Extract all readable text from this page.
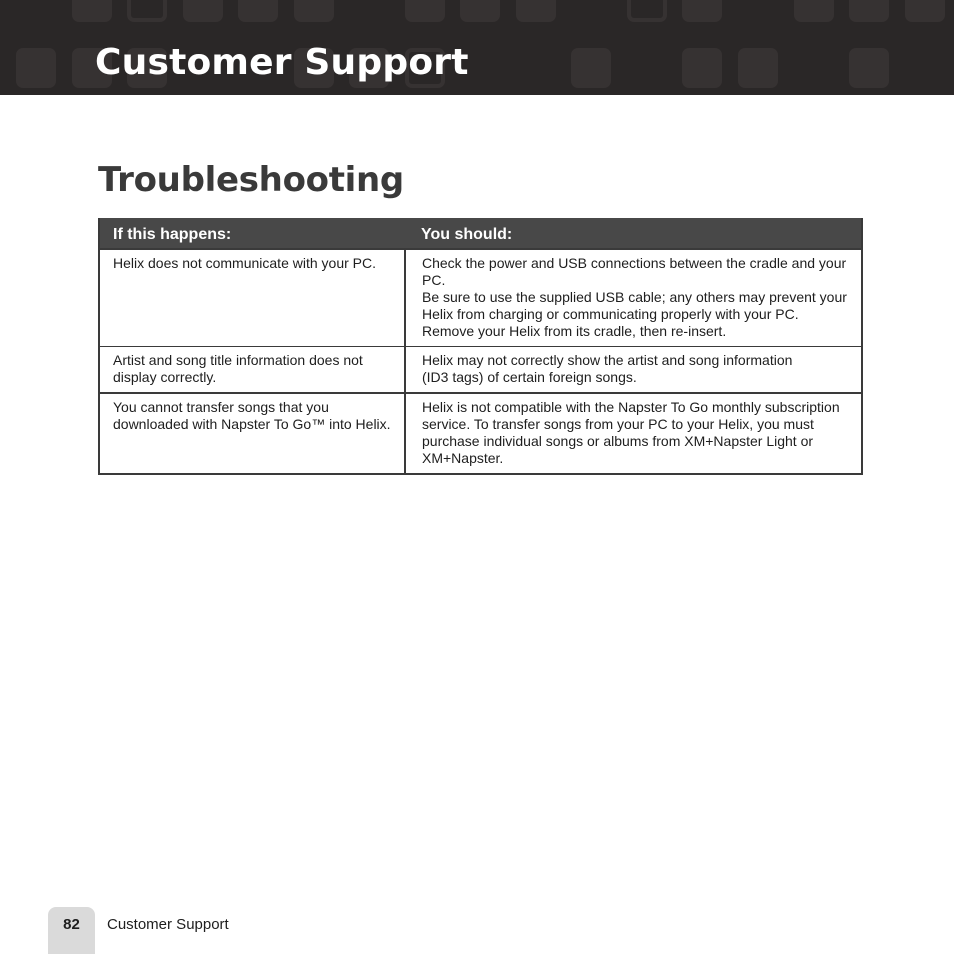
Customer Support
Troubleshooting
If this happens:	You should:

Helix does not communicate with your PC.	Check the power and USB connections between the cradle and your PC.
Be sure to use the supplied USB cable; any others may prevent your
Helix from charging or communicating properly with your PC.
Remove your Helix from its cradle, then re-insert.

Artist and song title information does not
display correctly.	Helix may not correctly show the artist and song information
(ID3 tags) of certain foreign songs.

You cannot transfer songs that you
downloaded with Napster To Go™ into Helix.	Helix is not compatible with the Napster To Go monthly subscription
service. To transfer songs from your PC to your Helix, you must
purchase individual songs or albums from XM+Napster Light or
XM+Napster.
82	Customer Support
